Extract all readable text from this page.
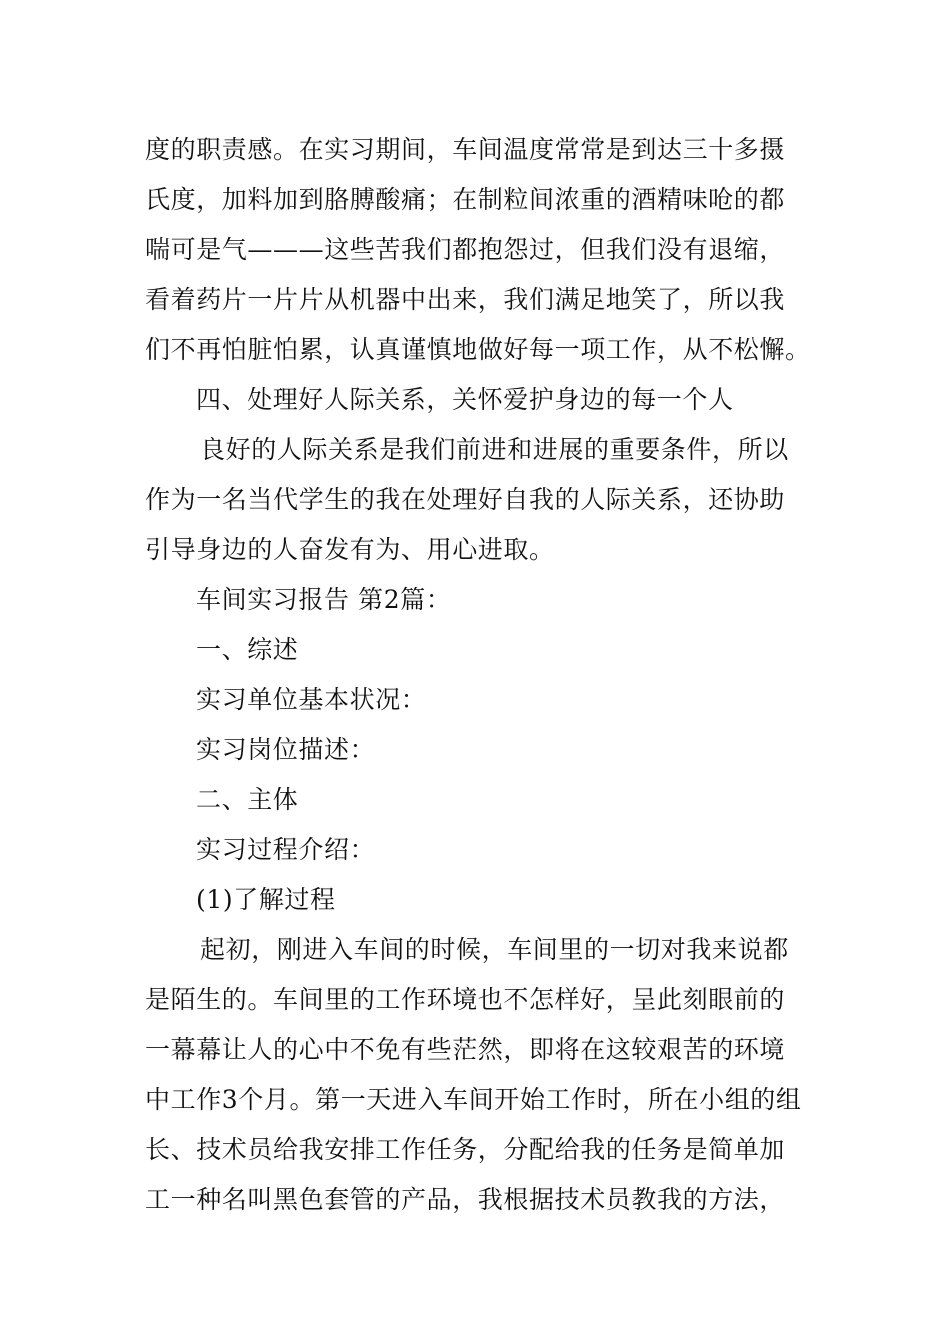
度的职责感。在实习期间，车间温度常常是到达三十多摄
氏度，加料加到胳膊酸痛；在制粒间浓重的酒精味呛的都
喘可是气———这些苦我们都抱怨过，但我们没有退缩，
看着药片一片片从机器中出来，我们满足地笑了，所以我
们不再怕脏怕累，认真谨慎地做好每一项工作，从不松懈。
四、处理好人际关系，关怀爱护身边的每一个人
良好的人际关系是我们前进和进展的重要条件，所以
作为一名当代学生的我在处理好自我的人际关系，还协助
引导身边的人奋发有为、用心进取。
车间实习报告 第2篇：
一、综述
实习单位基本状况：
实习岗位描述：
二、主体
实习过程介绍：
(1)了解过程
起初，刚进入车间的时候，车间里的一切对我来说都
是陌生的。车间里的工作环境也不怎样好，呈此刻眼前的
一幕幕让人的心中不免有些茫然，即将在这较艰苦的环境
中工作3个月。第一天进入车间开始工作时，所在小组的组
长、技术员给我安排工作任务，分配给我的任务是简单加
工一种名叫黑色套管的产品，我根据技术员教我的方法，
